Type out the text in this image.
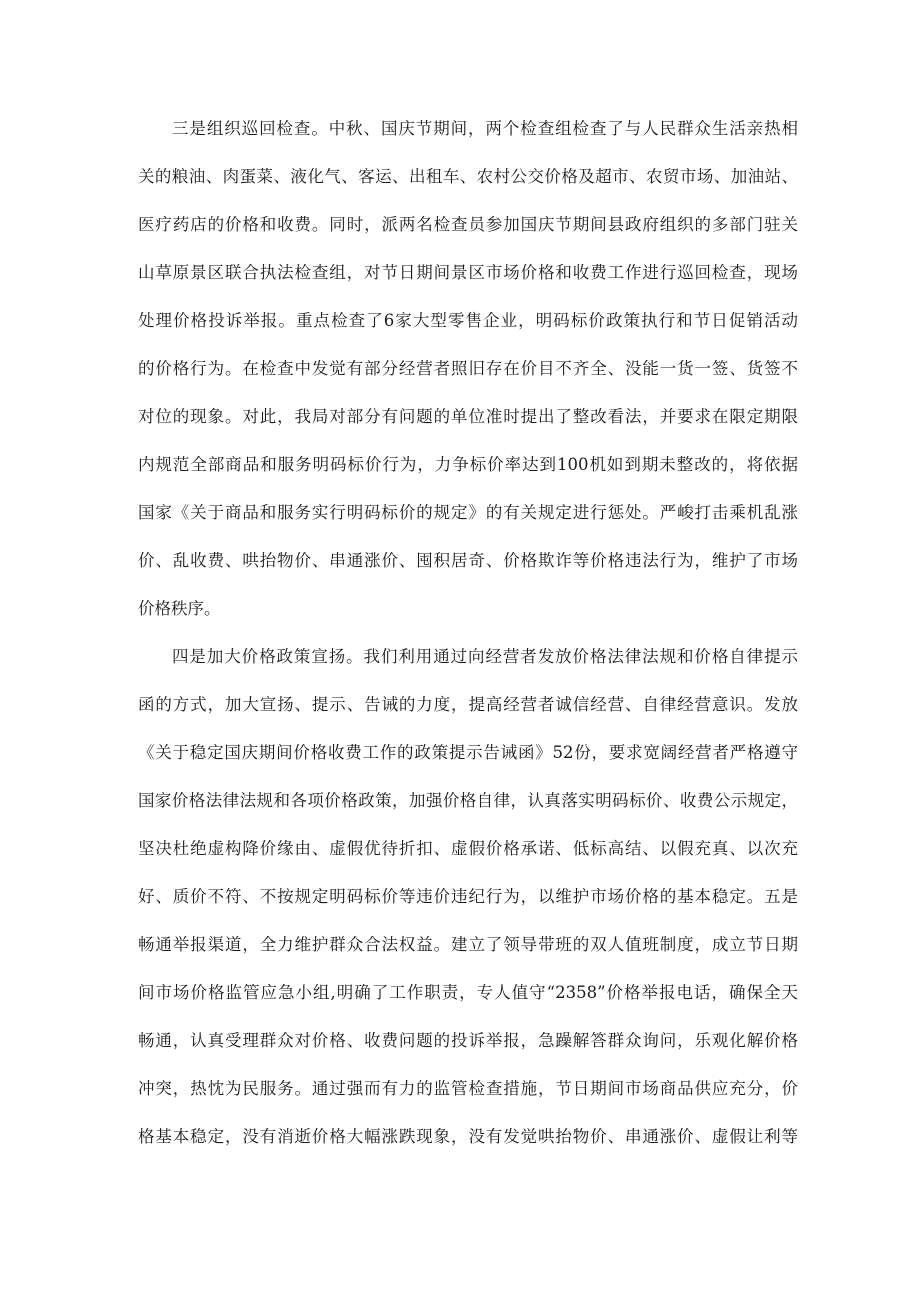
三是组织巡回检查。中秋、国庆节期间，两个检查组检查了与人民群众生活亲热相
关的粮油、肉蛋菜、液化气、客运、出租车、农村公交价格及超市、农贸市场、加油站、
医疗药店的价格和收费。同时，派两名检查员参加国庆节期间县政府组织的多部门驻关
山草原景区联合执法检查组，对节日期间景区市场价格和收费工作进行巡回检查，现场
处理价格投诉举报。重点检查了6家大型零售企业，明码标价政策执行和节日促销活动
的价格行为。在检查中发觉有部分经营者照旧存在价目不齐全、没能一货一签、货签不
对位的现象。对此，我局对部分有问题的单位准时提出了整改看法，并要求在限定期限
内规范全部商品和服务明码标价行为，力争标价率达到100机如到期未整改的，将依据
国家《关于商品和服务实行明码标价的规定》的有关规定进行惩处。严峻打击乘机乱涨
价、乱收费、哄抬物价、串通涨价、囤积居奇、价格欺诈等价格违法行为，维护了市场
价格秩序。
四是加大价格政策宣扬。我们利用通过向经营者发放价格法律法规和价格自律提示
函的方式，加大宣扬、提示、告诫的力度，提高经营者诚信经营、自律经营意识。发放
《关于稳定国庆期间价格收费工作的政策提示告诫函》52份，要求宽阔经营者严格遵守
国家价格法律法规和各项价格政策，加强价格自律，认真落实明码标价、收费公示规定，
坚决杜绝虚构降价缘由、虚假优待折扣、虚假价格承诺、低标高结、以假充真、以次充
好、质价不符、不按规定明码标价等违价违纪行为，以维护市场价格的基本稳定。五是
畅通举报渠道，全力维护群众合法权益。建立了领导带班的双人值班制度，成立节日期
间市场价格监管应急小组,明确了工作职责，专人值守“2358”价格举报电话，确保全天
畅通，认真受理群众对价格、收费问题的投诉举报，急躁解答群众询问，乐观化解价格
冲突，热忱为民服务。通过强而有力的监管检查措施，节日期间市场商品供应充分，价
格基本稳定，没有消逝价格大幅涨跌现象，没有发觉哄抬物价、串通涨价、虚假让利等
